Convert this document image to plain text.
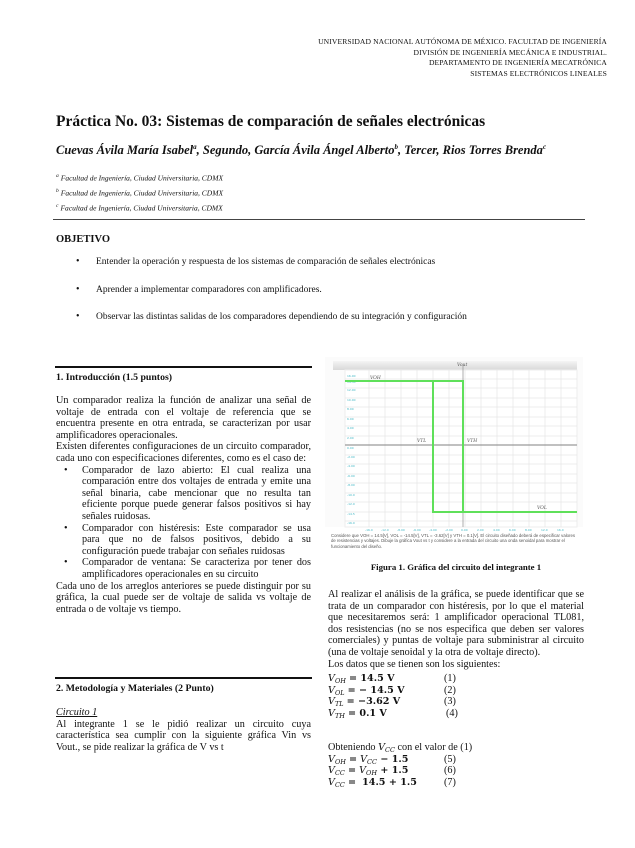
UNIVERSIDAD NACIONAL AUTÓNOMA DE MÉXICO. FACULTAD DE INGENIERÍA
DIVISIÓN DE INGENIERÍA MECÁNICA E INDUSTRIAL.
DEPARTAMENTO DE INGENIERÍA MECATRÓNICA
SISTEMAS ELECTRÓNICOS LINEALES
Práctica No. 03: Sistemas de comparación de señales electrónicas
Cuevas Ávila María Isabel$^a$, Segundo, García Ávila Ángel Alberto$^b$, Tercer, Rios Torres Brenda$^c$
$^a$ Facultad de Ingeniería, Ciudad Universitaria, CDMX
$^b$ Facultad de Ingeniería, Ciudad Universitaria, CDMX
$^c$ Facultad de Ingeniería, Ciudad Universitaria, CDMX
OBJETIVO
• Entender la operación y respuesta de los sistemas de comparación de señales electrónicas
• Aprender a implementar comparadores con amplificadores.
• Observar las distintas salidas de los comparadores dependiendo de su integración y configuración
1. Introducción (1.5 puntos)
Un comparador realiza la función de analizar una señal de voltaje de entrada con el voltaje de referencia que se encuentra presente en otra entrada, se caracterizan por usar amplificadores operacionales.
Existen diferentes configuraciones de un circuito comparador, cada uno con especificaciones diferentes, como es el caso de:
• Comparador de lazo abierto: El cual realiza una comparación entre dos voltajes de entrada y emite una señal binaria, cabe mencionar que no resulta tan eficiente porque puede generar falsos positivos si hay señales ruidosas.
• Comparador con histéresis: Este comparador se usa para que no de falsos positivos, debido a su configuración puede trabajar con señales ruidosas
• Comparador de ventana: Se caracteriza por tener dos amplificadores operacionales en su circuito
Cada uno de los arreglos anteriores se puede distinguir por su gráfica, la cual puede ser de voltaje de salida vs voltaje de entrada o de voltaje vs tiempo.
2. Metodología y Materiales (2 Punto)
Circuito 1
Al integrante 1 se le pidió realizar un circuito cuya característica sea cumplir con la siguiente gráfica Vin vs Vout., se pide realizar la gráfica de V vs t
16.00
14.50
12.00
10.00
8.00
6.00
4.00
2.00
0.00
-2.00
-4.00
-6.00
-8.00
-10.0
-12.0
-14.5
-16.0
-16.0	-12.0	-8.00	-6.00	-4.00	-2.00	0.00	2.00	4.00	6.00	8.00	12.0	16.0
VOH
VTL	VTH
VOL
Vout
Considere que VOH = 14.5[V], VOL = -14.5[V], VTL = -3.62[V] y VTH = 0.1[V]. El circuito diseñado deberá de especificar valores de resistencias y voltajes. Dibuje la gráfica Vout vs t y considere a la entrada del circuito una onda senoidal para mostrar el funcionamiento del diseño.
Figura 1. Gráfica del circuito del integrante 1
Al realizar el análisis de la gráfica, se puede identificar que se trata de un comparador con histéresis, por lo que el material que necesitaremos será: 1 amplificador operacional TL081, dos resistencias (no se nos especifica que deben ser valores comerciales) y puntas de voltaje para subministrar al circuito (una de voltaje senoidal y la otra de voltaje directo).
Los datos que se tienen son los siguientes:
$V_{OH} = 14.5$ V	(1)
$V_{OL}$ = − 14.5 V	(2)
$V_{TL} = -3.62$ V	(3)
$V_{TH} = 0.1$ V	(4)
Obteniendo $V_{CC}$ con el valor de (1)
$V_{OH} = V_{CC} - 1.5$	(5)
$V_{CC} = V_{OH} + 1.5$	(6)
$V_{CC} = 14.5 + 1.5$	(7)
